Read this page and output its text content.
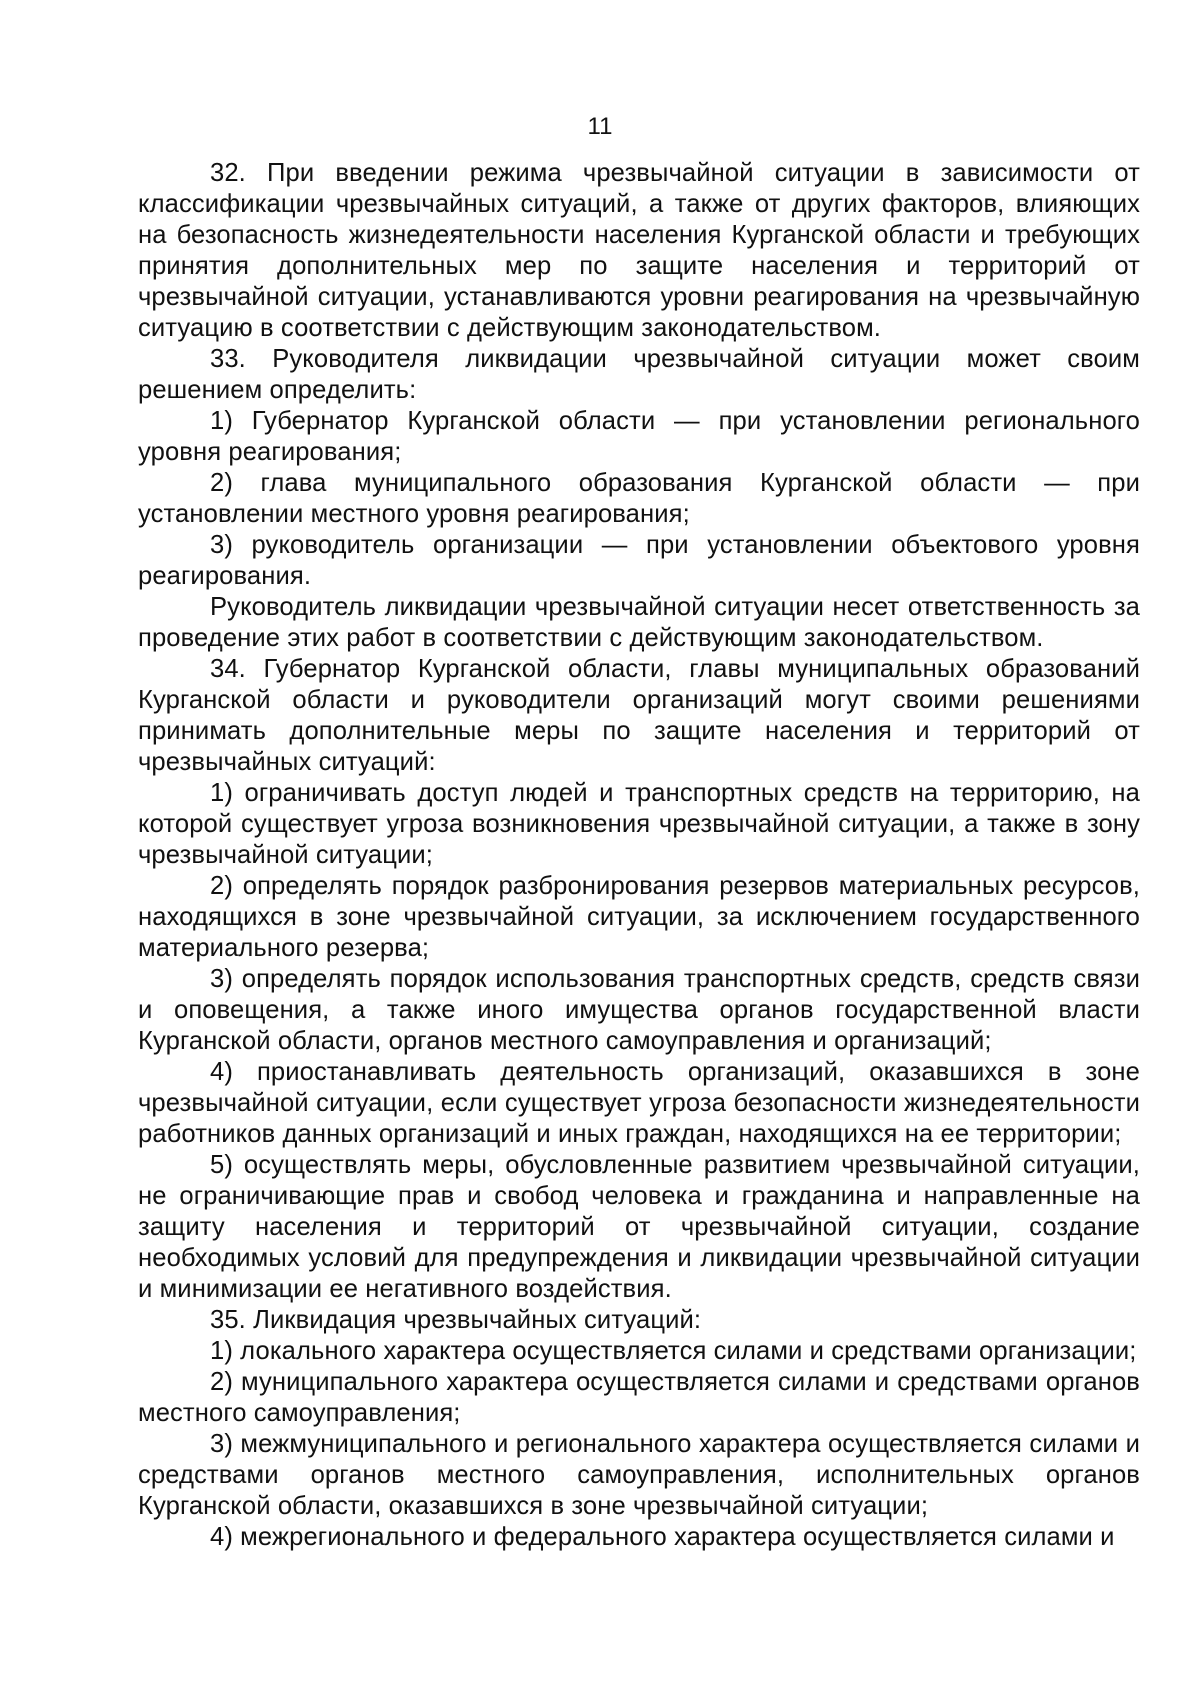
11

32. При введении режима чрезвычайной ситуации в зависимости от классификации чрезвычайных ситуаций, а также от других факторов, влияющих на безопасность жизнедеятельности населения Курганской области и требующих принятия дополнительных мер по защите населения и территорий от чрезвычайной ситуации, устанавливаются уровни реагирования на чрезвычайную ситуацию в соответствии с действующим законодательством.

33. Руководителя ликвидации чрезвычайной ситуации может своим решением определить:

1) Губернатор Курганской области — при установлении регионального уровня реагирования;

2) глава муниципального образования Курганской области — при установлении местного уровня реагирования;

3) руководитель организации — при установлении объектового уровня реагирования.

Руководитель ликвидации чрезвычайной ситуации несет ответственность за проведение этих работ в соответствии с действующим законодательством.

34. Губернатор Курганской области, главы муниципальных образований Курганской области и руководители организаций могут своими решениями принимать дополнительные меры по защите населения и территорий от чрезвычайных ситуаций:

1) ограничивать доступ людей и транспортных средств на территорию, на которой существует угроза возникновения чрезвычайной ситуации, а также в зону чрезвычайной ситуации;

2) определять порядок разбронирования резервов материальных ресурсов, находящихся в зоне чрезвычайной ситуации, за исключением государственного материального резерва;

3) определять порядок использования транспортных средств, средств связи и оповещения, а также иного имущества органов государственной власти Курганской области, органов местного самоуправления и организаций;

4) приостанавливать деятельность организаций, оказавшихся в зоне чрезвычайной ситуации, если существует угроза безопасности жизнедеятельности работников данных организаций и иных граждан, находящихся на ее территории;

5) осуществлять меры, обусловленные развитием чрезвычайной ситуации, не ограничивающие прав и свобод человека и гражданина и направленные на защиту населения и территорий от чрезвычайной ситуации, создание необходимых условий для предупреждения и ликвидации чрезвычайной ситуации и минимизации ее негативного воздействия.

35. Ликвидация чрезвычайных ситуаций:

1) локального характера осуществляется силами и средствами организации;

2) муниципального характера осуществляется силами и средствами органов местного самоуправления;

3) межмуниципального и регионального характера осуществляется силами и средствами органов местного самоуправления, исполнительных органов Курганской области, оказавшихся в зоне чрезвычайной ситуации;

4) межрегионального и федерального характера осуществляется силами и
